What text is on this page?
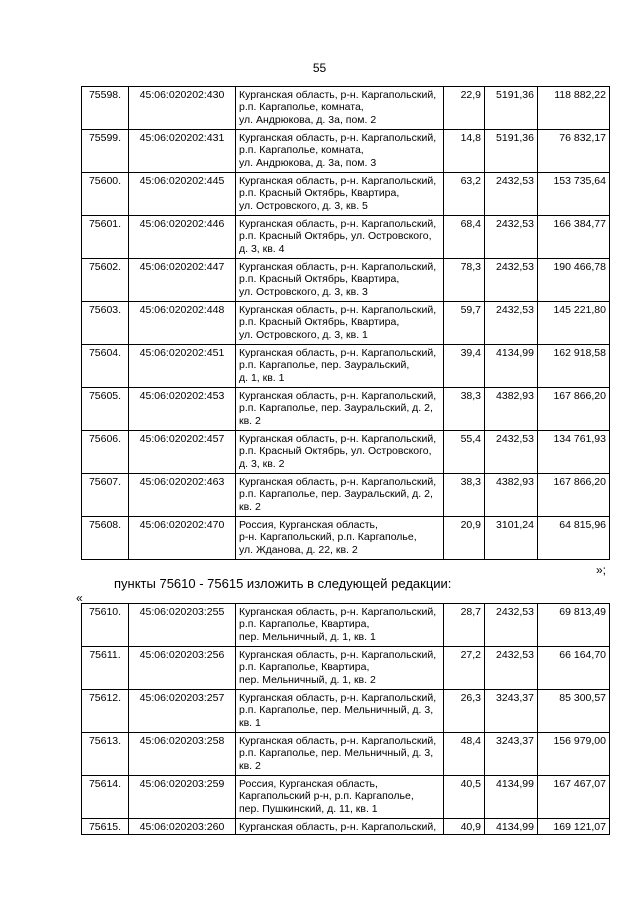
55
75598.	45:06:020202:430	Курганская область, р-н. Каргапольский,
р.п. Каргаполье, комната,
ул. Андрюкова, д. 3а, пом. 2	22,9	5191,36	118 882,22
75599.	45:06:020202:431	Курганская область, р-н. Каргапольский,
р.п. Каргаполье, комната,
ул. Андрюкова, д. 3а, пом. 3	14,8	5191,36	76 832,17
75600.	45:06:020202:445	Курганская область, р-н. Каргапольский,
р.п. Красный Октябрь, Квартира,
ул. Островского, д. 3, кв. 5	63,2	2432,53	153 735,64
75601.	45:06:020202:446	Курганская область, р-н. Каргапольский,
р.п. Красный Октябрь, ул. Островского,
д. 3, кв. 4	68,4	2432,53	166 384,77
75602.	45:06:020202:447	Курганская область, р-н. Каргапольский,
р.п. Красный Октябрь, Квартира,
ул. Островского, д. 3, кв. 3	78,3	2432,53	190 466,78
75603.	45:06:020202:448	Курганская область, р-н. Каргапольский,
р.п. Красный Октябрь, Квартира,
ул. Островского, д. 3, кв. 1	59,7	2432,53	145 221,80
75604.	45:06:020202:451	Курганская область, р-н. Каргапольский,
р.п. Каргаполье, пер. Зауральский,
д. 1, кв. 1	39,4	4134,99	162 918,58
75605.	45:06:020202:453	Курганская область, р-н. Каргапольский,
р.п. Каргаполье, пер. Зауральский, д. 2,
кв. 2	38,3	4382,93	167 866,20
75606.	45:06:020202:457	Курганская область, р-н. Каргапольский,
р.п. Красный Октябрь, ул. Островского,
д. 3, кв. 2	55,4	2432,53	134 761,93
75607.	45:06:020202:463	Курганская область, р-н. Каргапольский,
р.п. Каргаполье, пер. Зауральский, д. 2,
кв. 2	38,3	4382,93	167 866,20
75608.	45:06:020202:470	Россия, Курганская область,
р-н. Каргапольский, р.п. Каргаполье,
ул. Жданова, д. 22, кв. 2	20,9	3101,24	64 815,96
»;
пункты 75610 - 75615 изложить в следующей редакции:
«
75610.	45:06:020203:255	Курганская область, р-н. Каргапольский,
р.п. Каргаполье, Квартира,
пер. Мельничный, д. 1, кв. 1	28,7	2432,53	69 813,49
75611.	45:06:020203:256	Курганская область, р-н. Каргапольский,
р.п. Каргаполье, Квартира,
пер. Мельничный, д. 1, кв. 2	27,2	2432,53	66 164,70
75612.	45:06:020203:257	Курганская область, р-н. Каргапольский,
р.п. Каргаполье, пер. Мельничный, д. 3,
кв. 1	26,3	3243,37	85 300,57
75613.	45:06:020203:258	Курганская область, р-н. Каргапольский,
р.п. Каргаполье, пер. Мельничный, д. 3,
кв. 2	48,4	3243,37	156 979,00
75614.	45:06:020203:259	Россия, Курганская область,
Каргапольский р-н, р.п. Каргаполье,
пер. Пушкинский, д. 11, кв. 1	40,5	4134,99	167 467,07
75615.	45:06:020203:260	Курганская область, р-н. Каргапольский,	40,9	4134,99	169 121,07
